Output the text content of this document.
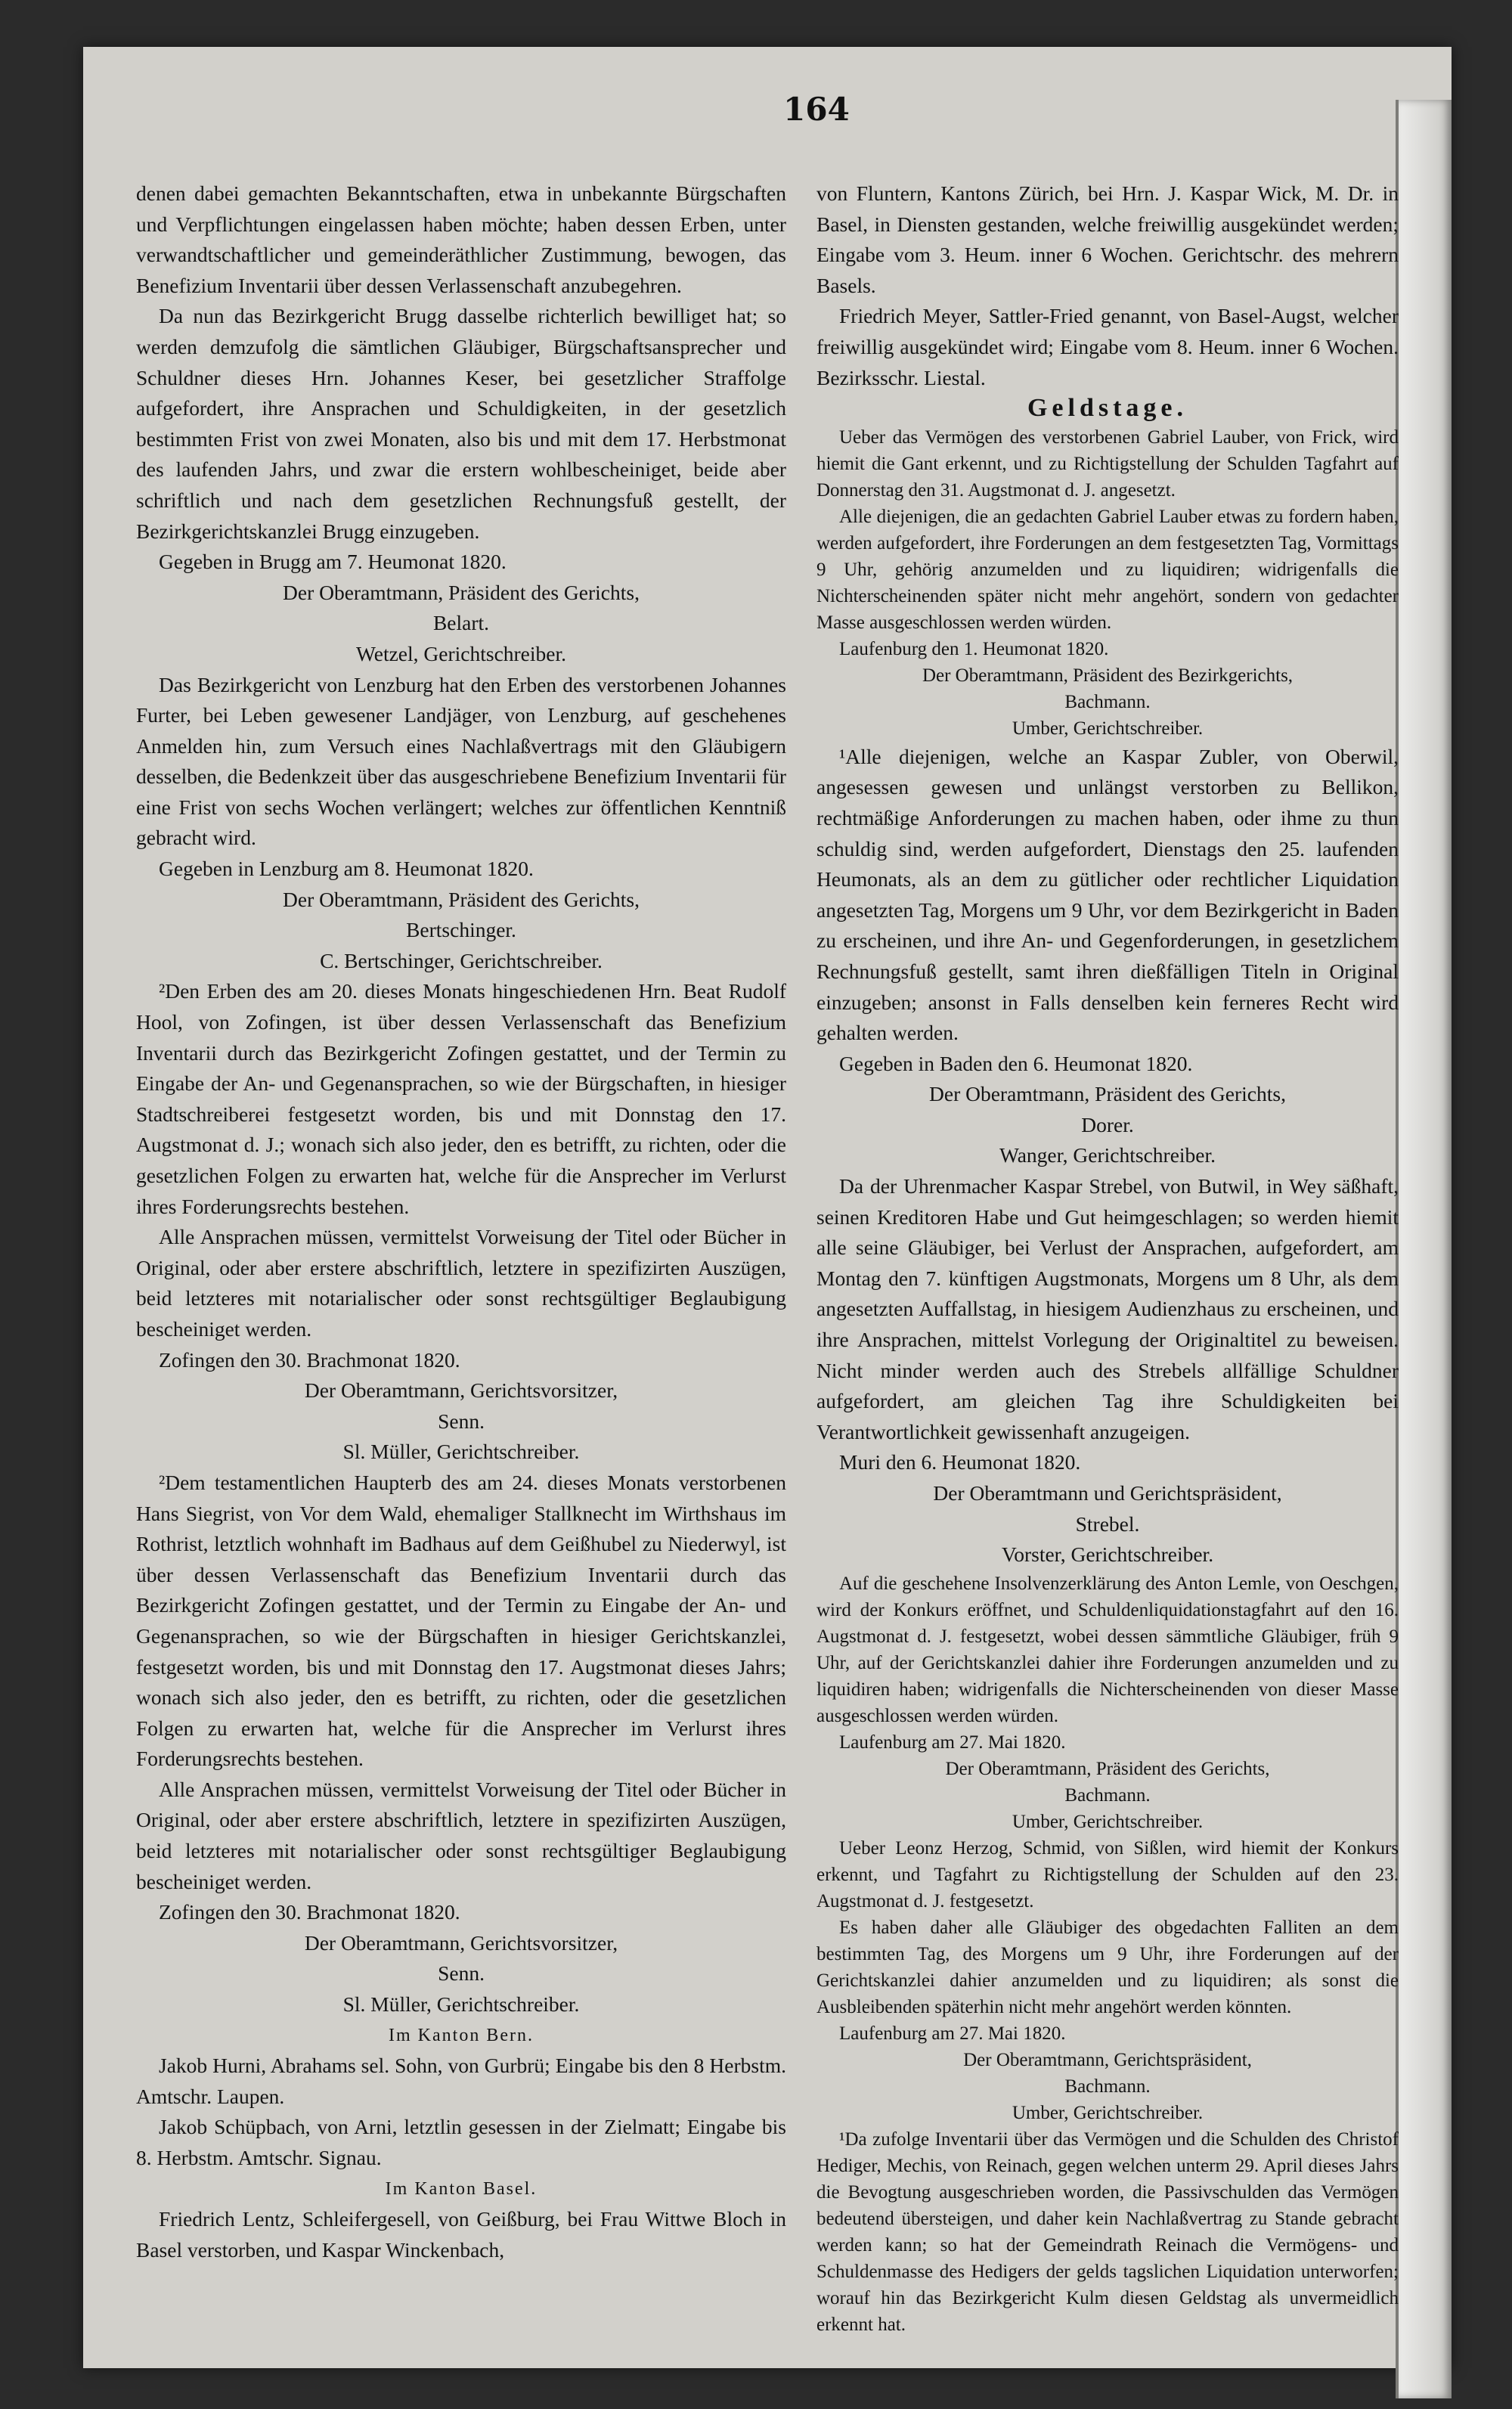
164

denen dabei gemachten Bekanntschaften, etwa in unbekannte Bürgschaften und Verpflichtungen eingelassen haben möchte; haben dessen Erben, unter verwandtschaftlicher und gemeinderäthlicher Zustimmung, bewogen, das Benefizium Inventarii über dessen Verlassenschaft anzubegehren.

Da nun das Bezirkgericht Brugg dasselbe richterlich bewilliget hat; so werden demzufolg die sämtlichen Gläubiger, Bürgschaftsansprecher und Schuldner dieses Hrn. Johannes Keser, bei gesetzlicher Straffolge aufgefordert, ihre Ansprachen und Schuldigkeiten, in der gesetzlich bestimmten Frist von zwei Monaten, also bis und mit dem 17. Herbstmonat des laufenden Jahrs, und zwar die erstern wohlbescheiniget, beide aber schriftlich und nach dem gesetzlichen Rechnungsfuß gestellt, der Bezirkgerichtskanzlei Brugg einzugeben.

Gegeben in Brugg am 7. Heumonat 1820.

Der Oberamtmann, Präsident des Gerichts,

Belart.

Wetzel, Gerichtschreiber.

Das Bezirkgericht von Lenzburg hat den Erben des verstorbenen Johannes Furter, bei Leben gewesener Landjäger, von Lenzburg, auf geschehenes Anmelden hin, zum Versuch eines Nachlaßvertrags mit den Gläubigern desselben, die Bedenkzeit über das ausgeschriebene Benefizium Inventarii für eine Frist von sechs Wochen verlängert; welches zur öffentlichen Kenntniß gebracht wird.

Gegeben in Lenzburg am 8. Heumonat 1820.

Der Oberamtmann, Präsident des Gerichts,

Bertschinger.

C. Bertschinger, Gerichtschreiber.

²Den Erben des am 20. dieses Monats hingeschiedenen Hrn. Beat Rudolf Hool, von Zofingen, ist über dessen Verlassenschaft das Benefizium Inventarii durch das Bezirkgericht Zofingen gestattet, und der Termin zu Eingabe der An- und Gegenansprachen, so wie der Bürgschaften, in hiesiger Stadtschreiberei festgesetzt worden, bis und mit Donnstag den 17. Augstmonat d. J.; wonach sich also jeder, den es betrifft, zu richten, oder die gesetzlichen Folgen zu erwarten hat, welche für die Ansprecher im Verlurst ihres Forderungsrechts bestehen.

Alle Ansprachen müssen, vermittelst Vorweisung der Titel oder Bücher in Original, oder aber erstere abschriftlich, letztere in spezifizirten Auszügen, beid letzteres mit notarialischer oder sonst rechtsgültiger Beglaubigung bescheiniget werden.

Zofingen den 30. Brachmonat 1820.

Der Oberamtmann, Gerichtsvorsitzer,

Senn.

Sl. Müller, Gerichtschreiber.

²Dem testamentlichen Haupterb des am 24. dieses Monats verstorbenen Hans Siegrist, von Vor dem Wald, ehemaliger Stallknecht im Wirthshaus im Rothrist, letztlich wohnhaft im Badhaus auf dem Geißhubel zu Niederwyl, ist über dessen Verlassenschaft das Benefizium Inventarii durch das Bezirkgericht Zofingen gestattet, und der Termin zu Eingabe der An- und Gegenansprachen, so wie der Bürgschaften in hiesiger Gerichtskanzlei, festgesetzt worden, bis und mit Donnstag den 17. Augstmonat dieses Jahrs; wonach sich also jeder, den es betrifft, zu richten, oder die gesetzlichen Folgen zu erwarten hat, welche für die Ansprecher im Verlurst ihres Forderungsrechts bestehen.

Alle Ansprachen müssen, vermittelst Vorweisung der Titel oder Bücher in Original, oder aber erstere abschriftlich, letztere in spezifizirten Auszügen, beid letzteres mit notarialischer oder sonst rechtsgültiger Beglaubigung bescheiniget werden.

Zofingen den 30. Brachmonat 1820.

Der Oberamtmann, Gerichtsvorsitzer,

Senn.

Sl. Müller, Gerichtschreiber.

Im Kanton Bern.

Jakob Hurni, Abrahams sel. Sohn, von Gurbrü; Eingabe bis den 8 Herbstm. Amtschr. Laupen.

Jakob Schüpbach, von Arni, letztlin gesessen in der Zielmatt; Eingabe bis 8. Herbstm. Amtschr. Signau.

Im Kanton Basel.

Friedrich Lentz, Schleifergesell, von Geißburg, bei Frau Wittwe Bloch in Basel verstorben, und Kaspar Winckenbach,

von Fluntern, Kantons Zürich, bei Hrn. J. Kaspar Wick, M. Dr. in Basel, in Diensten gestanden, welche freiwillig ausgekündet werden; Eingabe vom 3. Heum. inner 6 Wochen. Gerichtschr. des mehrern Basels.

Friedrich Meyer, Sattler-Fried genannt, von Basel-Augst, welcher freiwillig ausgekündet wird; Eingabe vom 8. Heum. inner 6 Wochen. Bezirksschr. Liestal.

Geldstage.

Ueber das Vermögen des verstorbenen Gabriel Lauber, von Frick, wird hiemit die Gant erkennt, und zu Richtigstellung der Schulden Tagfahrt auf Donnerstag den 31. Augstmonat d. J. angesetzt.

Alle diejenigen, die an gedachten Gabriel Lauber etwas zu fordern haben, werden aufgefordert, ihre Forderungen an dem festgesetzten Tag, Vormittags 9 Uhr, gehörig anzumelden und zu liquidiren; widrigenfalls die Nichterscheinenden später nicht mehr angehört, sondern von gedachter Masse ausgeschlossen werden würden.

Laufenburg den 1. Heumonat 1820.

Der Oberamtmann, Präsident des Bezirkgerichts,

Bachmann.

Umber, Gerichtschreiber.

¹Alle diejenigen, welche an Kaspar Zubler, von Oberwil, angesessen gewesen und unlängst verstorben zu Bellikon, rechtmäßige Anforderungen zu machen haben, oder ihme zu thun schuldig sind, werden aufgefordert, Dienstags den 25. laufenden Heumonats, als an dem zu gütlicher oder rechtlicher Liquidation angesetzten Tag, Morgens um 9 Uhr, vor dem Bezirkgericht in Baden zu erscheinen, und ihre An- und Gegenforderungen, in gesetzlichem Rechnungsfuß gestellt, samt ihren dießfälligen Titeln in Original einzugeben; ansonst in Falls denselben kein ferneres Recht wird gehalten werden.

Gegeben in Baden den 6. Heumonat 1820.

Der Oberamtmann, Präsident des Gerichts,

Dorer.

Wanger, Gerichtschreiber.

Da der Uhrenmacher Kaspar Strebel, von Butwil, in Wey säßhaft, seinen Kreditoren Habe und Gut heimgeschlagen; so werden hiemit alle seine Gläubiger, bei Verlust der Ansprachen, aufgefordert, am Montag den 7. künftigen Augstmonats, Morgens um 8 Uhr, als dem angesetzten Auffallstag, in hiesigem Audienzhaus zu erscheinen, und ihre Ansprachen, mittelst Vorlegung der Originaltitel zu beweisen. Nicht minder werden auch des Strebels allfällige Schuldner aufgefordert, am gleichen Tag ihre Schuldigkeiten bei Verantwortlichkeit gewissenhaft anzugeigen.

Muri den 6. Heumonat 1820.

Der Oberamtmann und Gerichtspräsident,

Strebel.

Vorster, Gerichtschreiber.

Auf die geschehene Insolvenzerklärung des Anton Lemle, von Oeschgen, wird der Konkurs eröffnet, und Schuldenliquidationstagfahrt auf den 16. Augstmonat d. J. festgesetzt, wobei dessen sämmtliche Gläubiger, früh 9 Uhr, auf der Gerichtskanzlei dahier ihre Forderungen anzumelden und zu liquidiren haben; widrigenfalls die Nichterscheinenden von dieser Masse ausgeschlossen werden würden.

Laufenburg am 27. Mai 1820.

Der Oberamtmann, Präsident des Gerichts,

Bachmann.

Umber, Gerichtschreiber.

Ueber Leonz Herzog, Schmid, von Sißlen, wird hiemit der Konkurs erkennt, und Tagfahrt zu Richtigstellung der Schulden auf den 23. Augstmonat d. J. festgesetzt.

Es haben daher alle Gläubiger des obgedachten Falliten an dem bestimmten Tag, des Morgens um 9 Uhr, ihre Forderungen auf der Gerichtskanzlei dahier anzumelden und zu liquidiren; als sonst die Ausbleibenden späterhin nicht mehr angehört werden könnten.

Laufenburg am 27. Mai 1820.

Der Oberamtmann, Gerichtspräsident,

Bachmann.

Umber, Gerichtschreiber.

¹Da zufolge Inventarii über das Vermögen und die Schulden des Christof Hediger, Mechis, von Reinach, gegen welchen unterm 29. April dieses Jahrs die Bevogtung ausgeschrieben worden, die Passivschulden das Vermögen bedeutend übersteigen, und daher kein Nachlaßvertrag zu Stande gebracht werden kann; so hat der Gemeindrath Reinach die Vermögens- und Schuldenmasse des Hedigers der gelds tagslichen Liquidation unterworfen; worauf hin das Bezirkgericht Kulm diesen Geldstag als unvermeidlich erkennt hat.
